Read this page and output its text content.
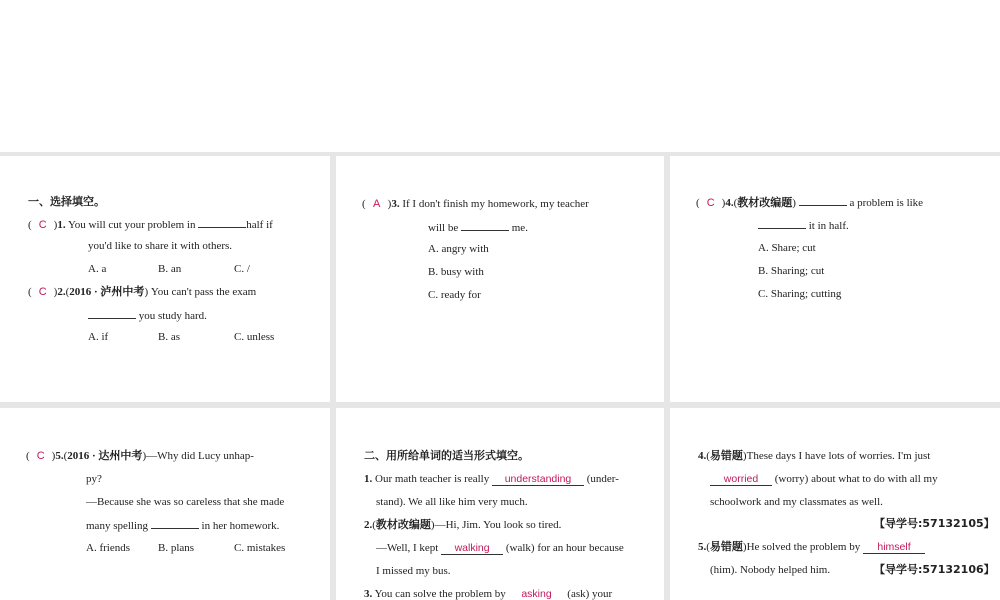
一、选择填空。
( C )1. You will cut your problem in	half if
you'd like to share it with others.
A. a	B. an	C. /
( C )2.(2016 · 泸州中考) You can't pass the exam
you study hard.
A. if	B. as	C. unless
( A )3. If I don't finish my homework, my teacher
will be	me.
A. angry with
B. busy with
C. ready for
( C )4.(教材改编题)	a problem is like
it in half.
A. Share; cut
B. Sharing; cut
C. Sharing; cutting
( C )5.(2016 · 达州中考)—Why did Lucy unhap-
py?
—Because she was so careless that she made
many spelling	in her homework.
A. friends	B. plans	C. mistakes
二、用所给单词的适当形式填空。
1. Our math teacher is really understanding (under-
stand). We all like him very much.
2.(教材改编题)—Hi, Jim. You look so tired.
—Well, I kept walking (walk) for an hour because
I missed my bus.
3. You can solve the problem by asking (ask) your
4.(易错题)These days I have lots of worries. I'm just
worried (worry) about what to do with all my
schoolwork and my classmates as well.
【导学号:57132105】
5.(易错题)He solved the problem by himself
(him). Nobody helped him.	【导学号:57132106】
